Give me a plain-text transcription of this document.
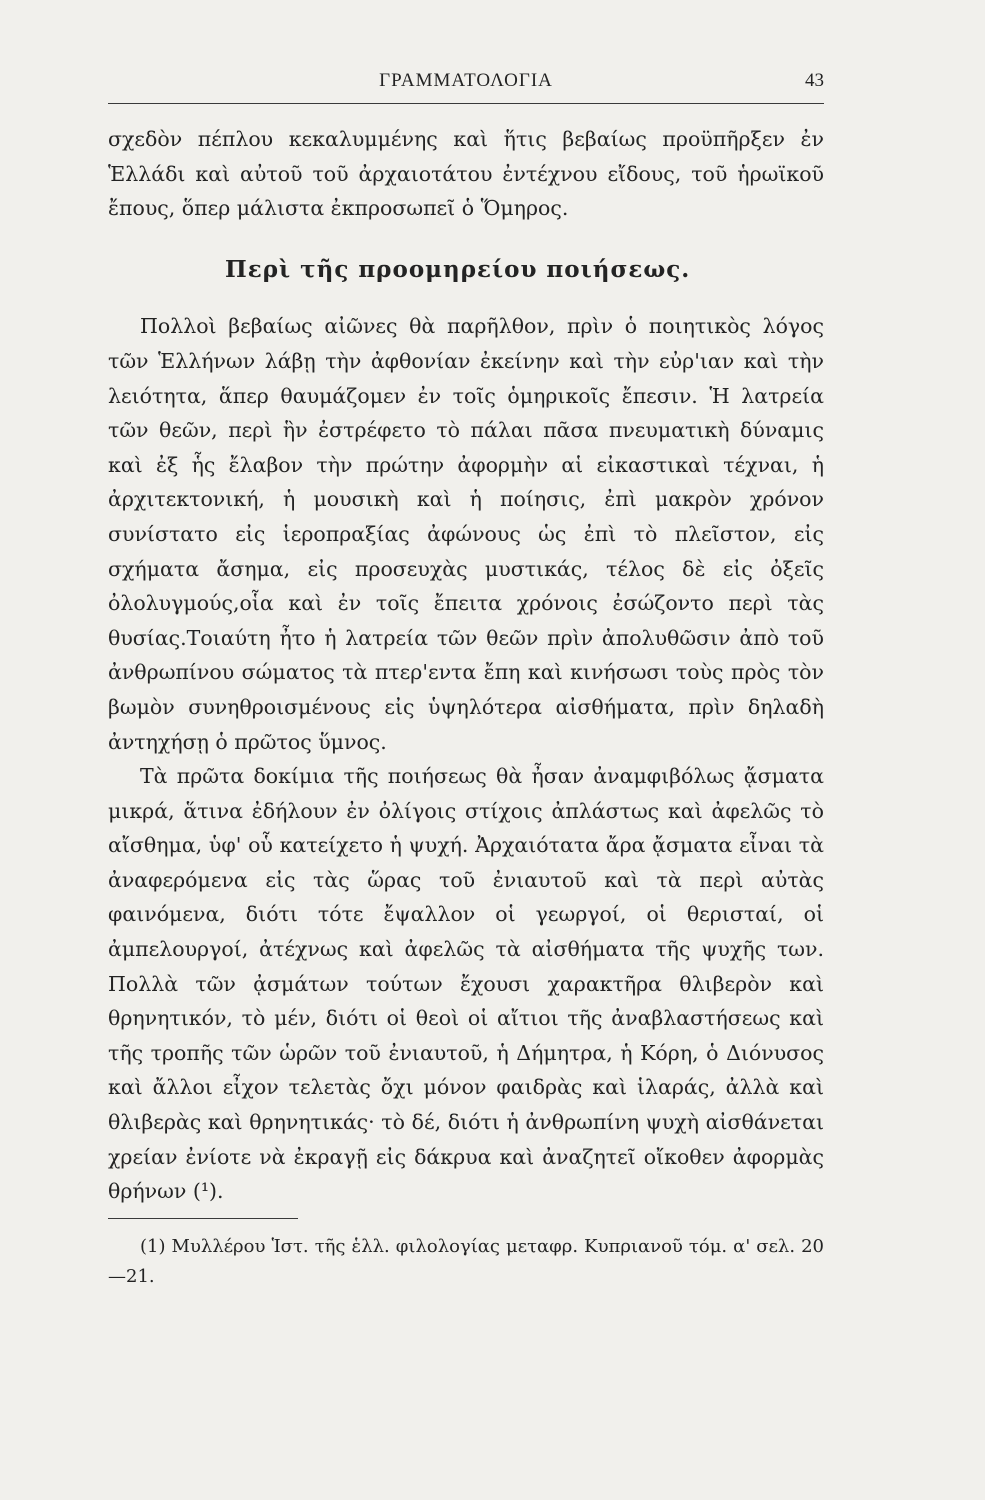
ΓΡΑΜΜΑΤΟΛΟΓΙΑ	43

σχεδὸν πέπλου κεκαλυμμένης καὶ ἥτις βεβαίως προϋπῆρξεν ἐν Ἑλλάδι καὶ αὐτοῦ τοῦ ἀρχαιοτάτου ἐντέχνου εἴδους, τοῦ ἡρωϊκοῦ ἔπους, ὅπερ μάλιστα ἐκπροσωπεῖ ὁ Ὅμηρος.

Περὶ τῆς προομηρείου ποιήσεως.

Πολλοὶ βεβαίως αἰῶνες θὰ παρῆλθον, πρὶν ὁ ποιητικὸς λόγος τῶν Ἑλλήνων λάβῃ τὴν ἀφθονίαν ἐκείνην καὶ τὴν εὐρ'ιαν καὶ τὴν λειότητα, ἅπερ θαυμάζομεν ἐν τοῖς ὁμηρικοῖς ἔπεσιν. Ἡ λατρεία τῶν θεῶν, περὶ ἣν ἐστρέφετο τὸ πάλαι πᾶσα πνευματικὴ δύναμις καὶ ἐξ ἧς ἔλαβον τὴν πρώτην ἀφορμὴν αἱ εἰκαστικαὶ τέχναι, ἡ ἀρχιτεκτονική, ἡ μουσικὴ καὶ ἡ ποίησις, ἐπὶ μακρὸν χρόνον συνίστατο εἰς ἱεροπραξίας ἀφώνους ὡς ἐπὶ τὸ πλεῖστον, εἰς σχήματα ἄσημα, εἰς προσευχὰς μυστικάς, τέλος δὲ εἰς ὀξεῖς ὀλολυγμούς,οἷα καὶ ἐν τοῖς ἔπειτα χρόνοις ἐσώζοντο περὶ τὰς θυσίας.Τοιαύτη ἦτο ἡ λατρεία τῶν θεῶν πρὶν ἀπολυθῶσιν ἀπὸ τοῦ ἀνθρωπίνου σώματος τὰ πτερ'εντα ἔπη καὶ κινήσωσι τοὺς πρὸς τὸν βωμὸν συνηθροισμένους εἰς ὑψηλότερα αἰσθήματα, πρὶν δηλαδὴ ἀντηχήσῃ ὁ πρῶτος ὕμνος.

Τὰ πρῶτα δοκίμια τῆς ποιήσεως θὰ ἦσαν ἀναμφιβόλως ᾄσματα μικρά, ἅτινα ἐδήλουν ἐν ὀλίγοις στίχοις ἀπλάστως καὶ ἀφελῶς τὸ αἴσθημα, ὑφ' οὗ κατείχετο ἡ ψυχή. Ἀρχαιότατα ἄρα ᾄσματα εἶναι τὰ ἀναφερόμενα εἰς τὰς ὥρας τοῦ ἐνιαυτοῦ καὶ τὰ περὶ αὐτὰς φαινόμενα, διότι τότε ἔψαλλον οἱ γεωργοί, οἱ θερισταί, οἱ ἀμπελουργοί, ἀτέχνως καὶ ἀφελῶς τὰ αἰσθήματα τῆς ψυχῆς των. Πολλὰ τῶν ᾀσμάτων τούτων ἔχουσι χαρακτῆρα θλιβερὸν καὶ θρηνητικόν, τὸ μέν, διότι οἱ θεοὶ οἱ αἴτιοι τῆς ἀναβλαστήσεως καὶ τῆς τροπῆς τῶν ὡρῶν τοῦ ἐνιαυτοῦ, ἡ Δήμητρα, ἡ Κόρη, ὁ Διόνυσος καὶ ἄλλοι εἶχον τελετὰς ὄχι μόνον φαιδρὰς καὶ ἱλαράς, ἀλλὰ καὶ θλιβερὰς καὶ θρηνητικάς· τὸ δέ, διότι ἡ ἀνθρωπίνη ψυχὴ αἰσθάνεται χρείαν ἐνίοτε νὰ ἐκραγῇ εἰς δάκρυα καὶ ἀναζητεῖ οἴκοθεν ἀφορμὰς θρήνων (¹).

(1) Μυλλέρου Ἱστ. τῆς ἑλλ. φιλολογίας μεταφρ. Κυπριανοῦ τόμ. α' σελ. 20—21.
